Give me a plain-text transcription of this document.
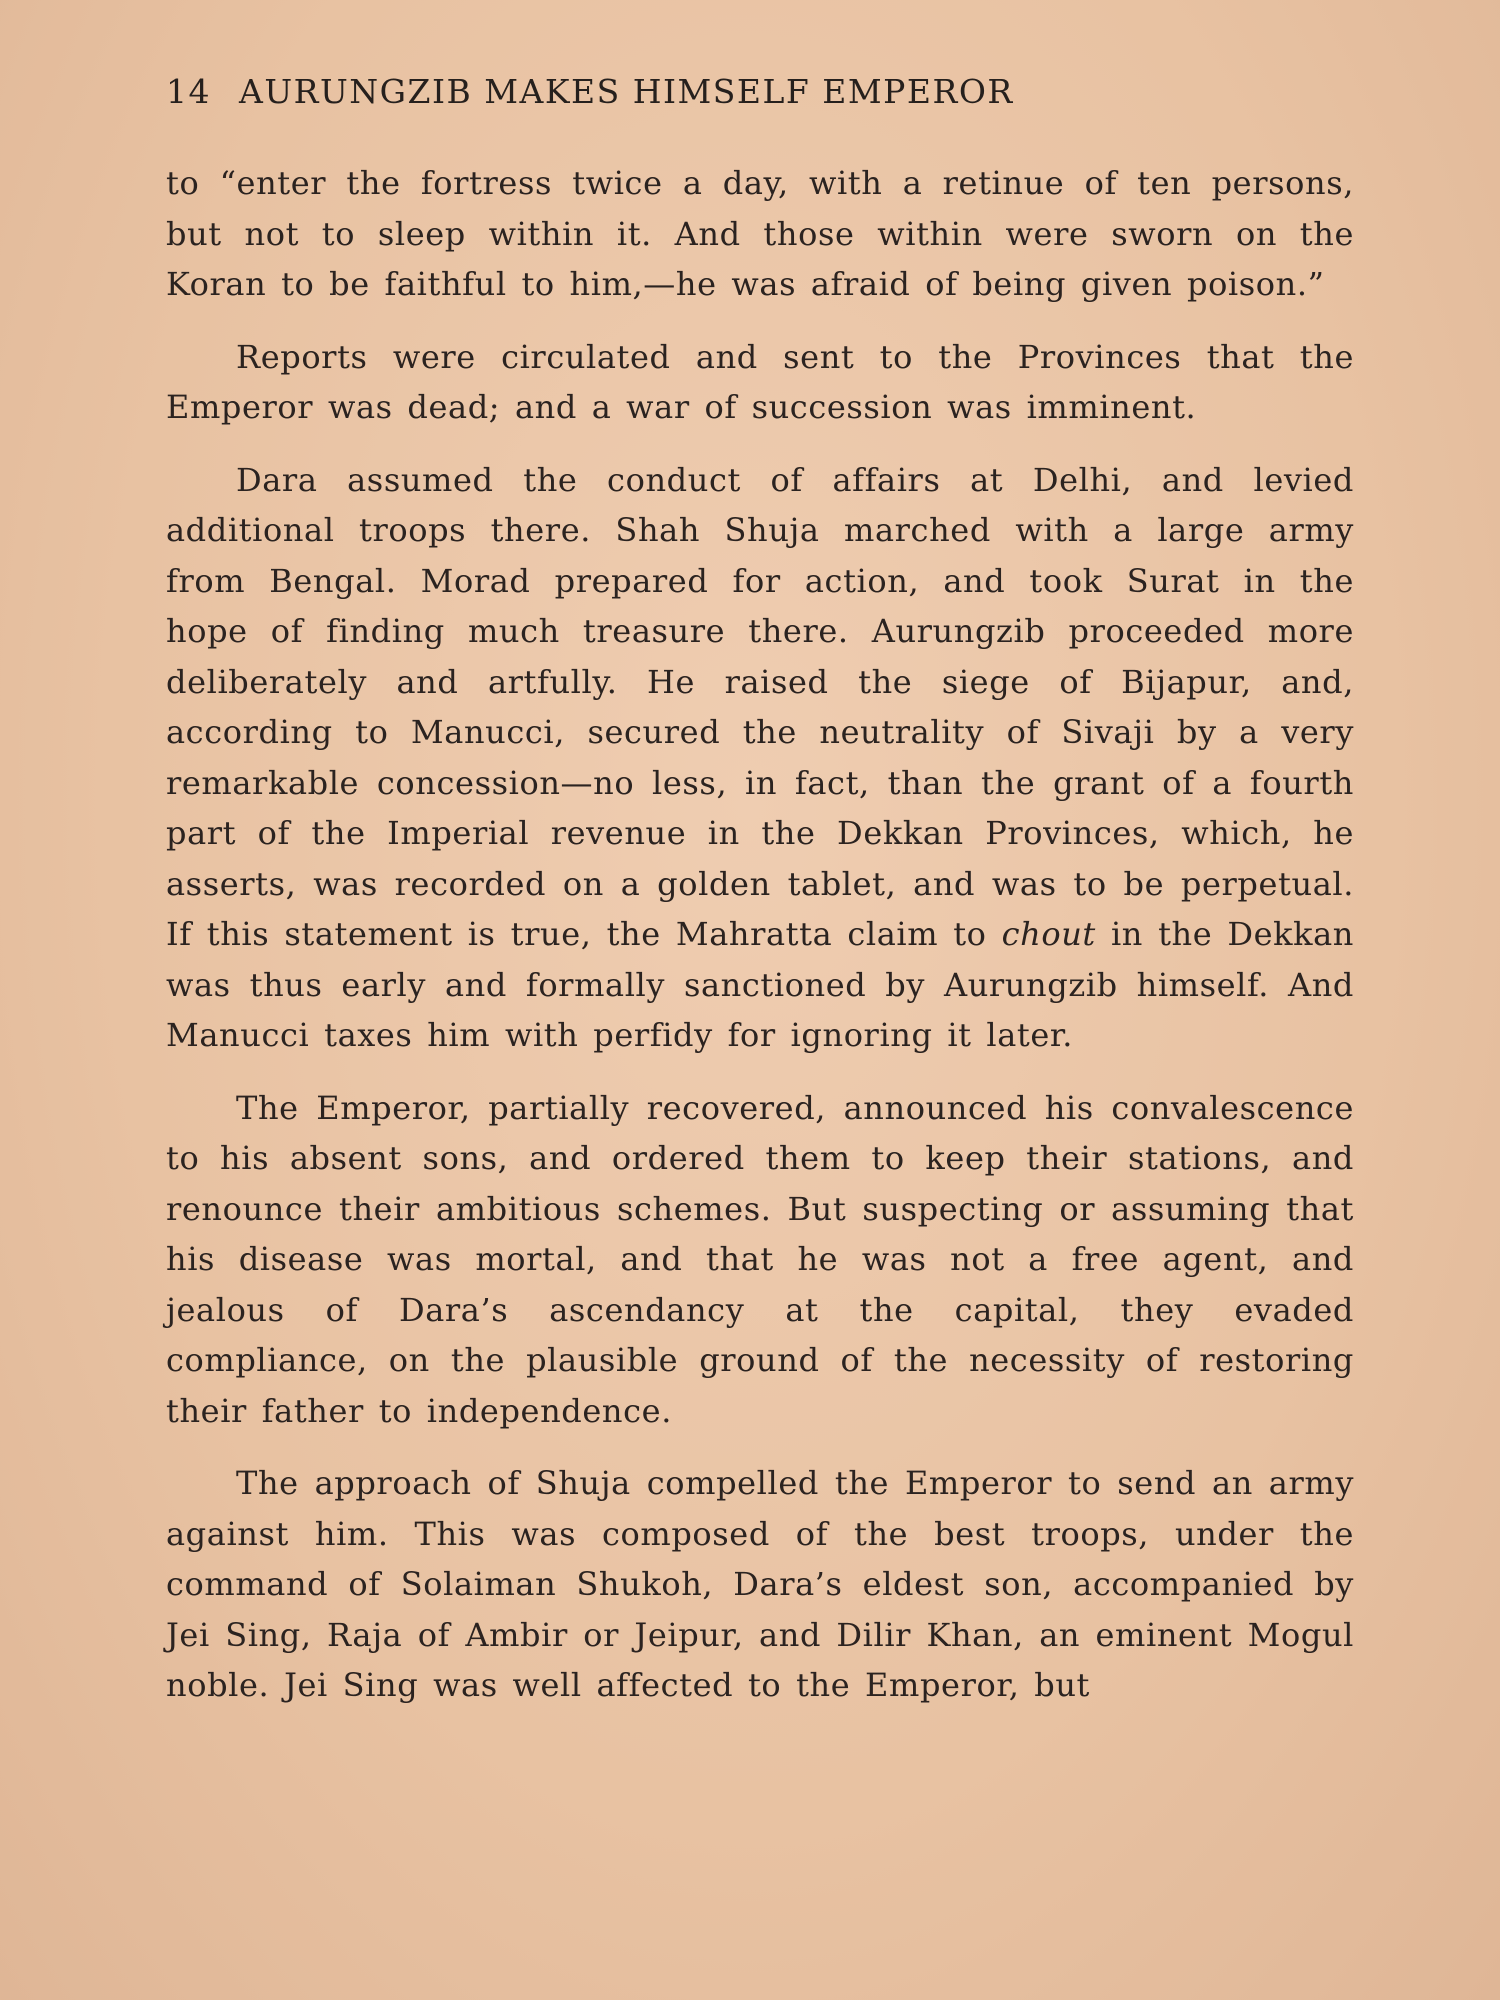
14 AURUNGZIB MAKES HIMSELF EMPEROR

to “enter the fortress twice a day, with a retinue of ten persons, but not to sleep within it. And those within were sworn on the Koran to be faithful to him,—he was afraid of being given poison.”

Reports were circulated and sent to the Provinces that the Emperor was dead; and a war of succession was imminent.

Dara assumed the conduct of affairs at Delhi, and levied additional troops there. Shah Shuja marched with a large army from Bengal. Morad prepared for action, and took Surat in the hope of finding much treasure there. Aurungzib proceeded more deliberately and artfully. He raised the siege of Bijapur, and, according to Manucci, secured the neutrality of Sivaji by a very remarkable concession—no less, in fact, than the grant of a fourth part of the Imperial revenue in the Dekkan Provinces, which, he asserts, was recorded on a golden tablet, and was to be perpetual. If this statement is true, the Mahratta claim to chout in the Dekkan was thus early and formally sanctioned by Aurungzib himself. And Manucci taxes him with perfidy for ignoring it later.

The Emperor, partially recovered, announced his convalescence to his absent sons, and ordered them to keep their stations, and renounce their ambitious schemes. But suspecting or assuming that his disease was mortal, and that he was not a free agent, and jealous of Dara’s ascendancy at the capital, they evaded compliance, on the plausible ground of the necessity of restoring their father to independence.

The approach of Shuja compelled the Emperor to send an army against him. This was composed of the best troops, under the command of Solaiman Shukoh, Dara’s eldest son, accompanied by Jei Sing, Raja of Ambir or Jeipur, and Dilir Khan, an eminent Mogul noble. Jei Sing was well affected to the Emperor, but
